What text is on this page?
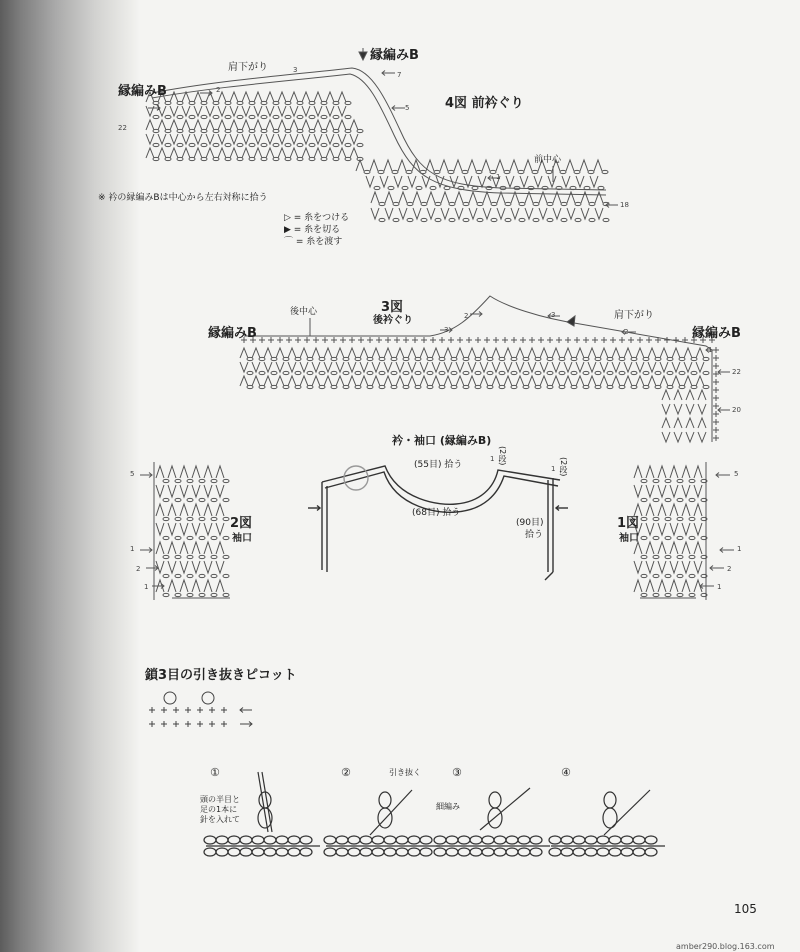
縁編みB
縁編みB
肩下がり
4図 前衿ぐり
前中心
22
18
7
5
3
2
1
1
※ 衿の縁編みBは中心から左右対称に拾う
▷ = 糸をつける
▶ = 糸を切る
⌒ = 糸を渡す
後中心	3図
後衿ぐり	肩下がり
縁編みB	縁編みB
22
20
3
2
1
2
3
衿・袖口 (縁編みB)
(55目) 拾う
(68目) 拾う
1 (2段)
1 (2段)
(90目)
拾う
2図
袖口
1図
袖口
5
1
2
1
5
1
2
1
鎖3目の引き抜きピコット
①	②	③	④
頭の半目と
足の1本に
針を入れて
引き抜く
細編み
105
amber290.blog.163.com
